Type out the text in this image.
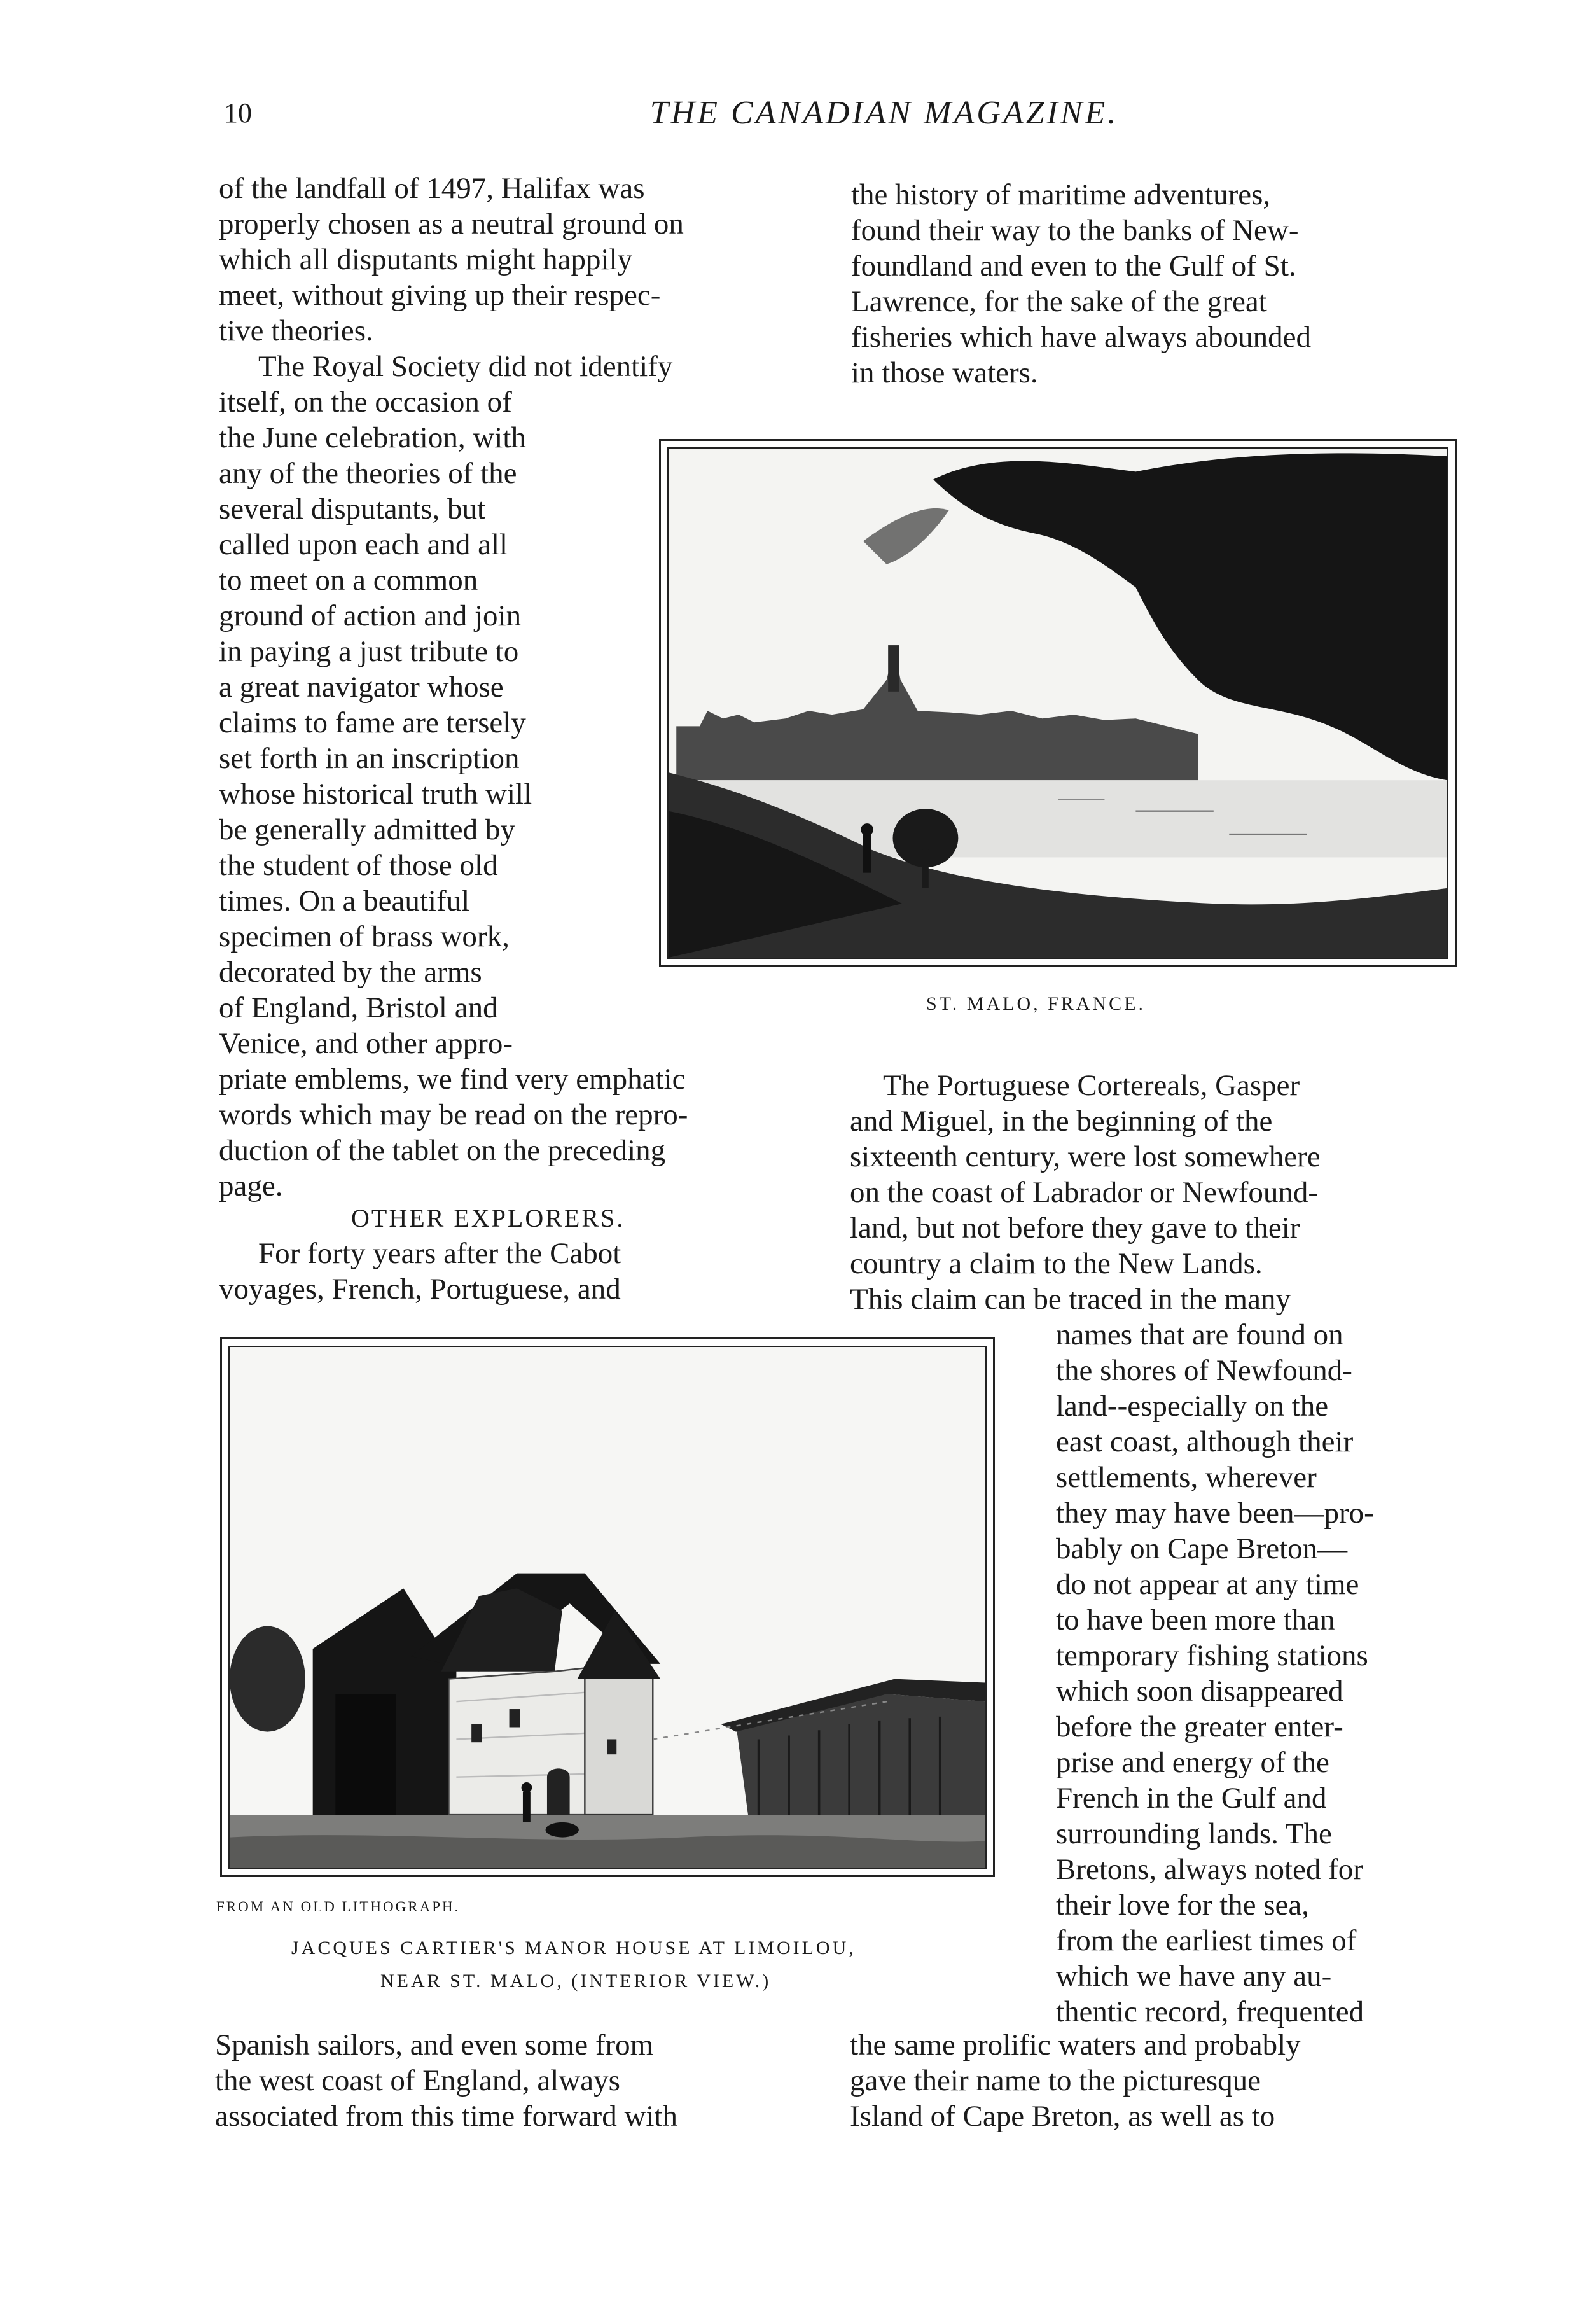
10	THE CANADIAN MAGAZINE.
of the landfall of 1497, Halifax was
properly chosen as a neutral ground on
which all disputants might happily
meet, without giving up their respec-
tive theories.
The Royal Society did not identify
itself, on the occasion of
the June celebration, with
any of the theories of the
several disputants, but
called upon each and all
to meet on a common
ground of action and join
in paying a just tribute to
a great navigator whose
claims to fame are tersely
set forth in an inscription
whose historical truth will
be generally admitted by
the student of those old
times. On a beautiful
specimen of brass work,
decorated by the arms
of England, Bristol and
Venice, and other appro-
priate emblems, we find very emphatic
words which may be read on the repro-
duction of the tablet on the preceding
page.
OTHER EXPLORERS.
For forty years after the Cabot
voyages, French, Portuguese, and
the history of maritime adventures,
found their way to the banks of New-
foundland and even to the Gulf of St.
Lawrence, for the sake of the great
fisheries which have always abounded
in those waters.
ST. MALO, FRANCE.
The Portuguese Cortereals, Gasper
and Miguel, in the beginning of the
sixteenth century, were lost somewhere
on the coast of Labrador or Newfound-
land, but not before they gave to their
country a claim to the New Lands.
This claim can be traced in the many
FROM AN OLD LITHOGRAPH.
JACQUES CARTIER'S MANOR HOUSE AT LIMOILOU,
NEAR ST. MALO, (INTERIOR VIEW.)
names that are found on
the shores of Newfound-
land--especially on the
east coast, although their
settlements, wherever
they may have been—pro-
bably on Cape Breton—
do not appear at any time
to have been more than
temporary fishing stations
which soon disappeared
before the greater enter-
prise and energy of the
French in the Gulf and
surrounding lands. The
Bretons, always noted for
their love for the sea,
from the earliest times of
which we have any au-
thentic record, frequented
Spanish sailors, and even some from
the west coast of England, always
associated from this time forward with
the same prolific waters and probably
gave their name to the picturesque
Island of Cape Breton, as well as to
